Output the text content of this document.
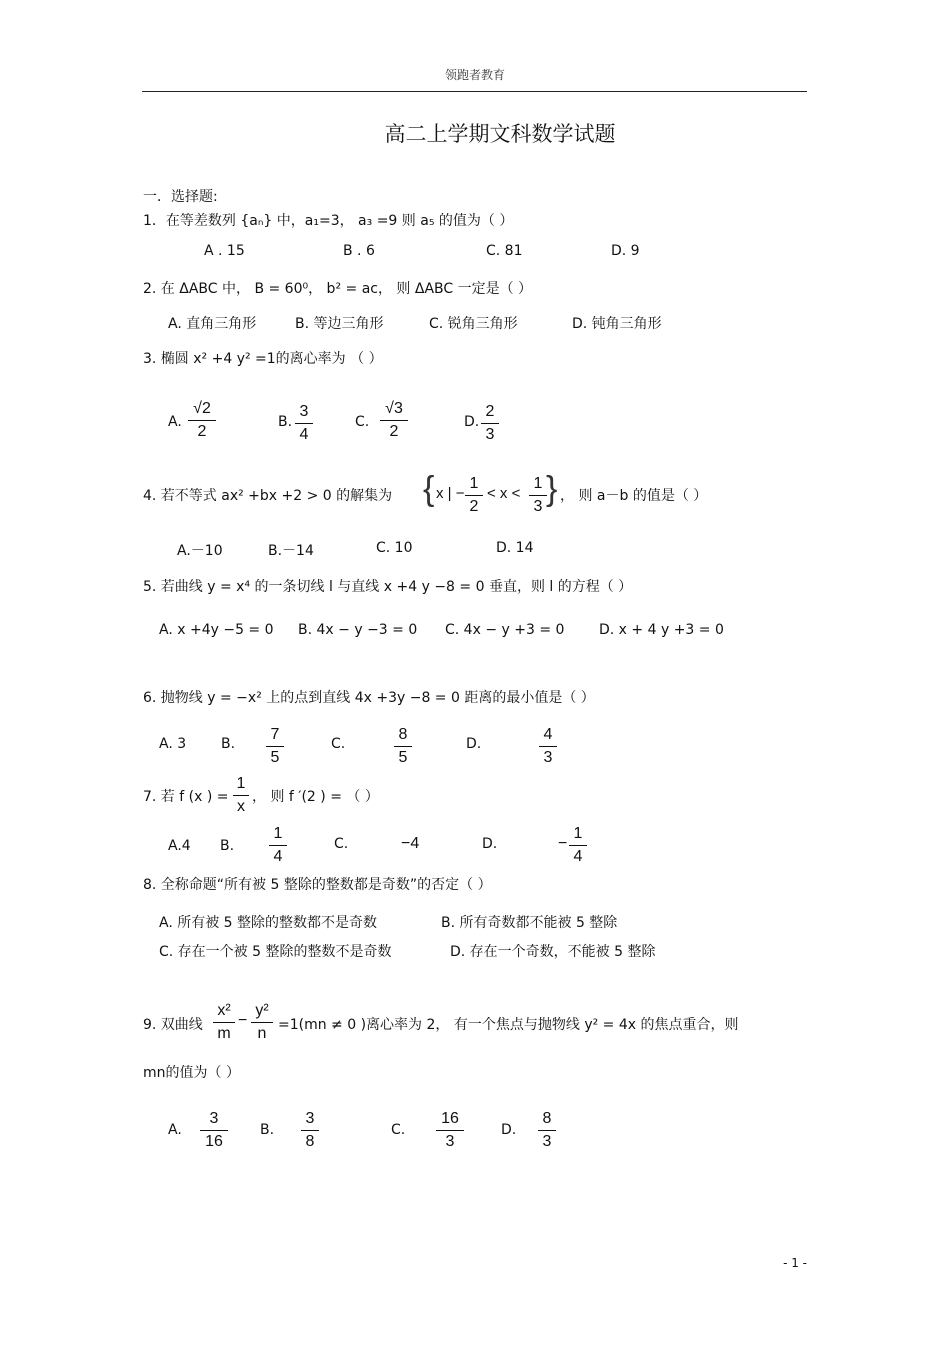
领跑者教育
高二上学期文科数学试题
一．选择题:
1．在等差数列 {aₙ} 中，a₁=3， a₃ =9 则 a₅ 的值为（ ）
A . 15	B . 6	C. 81	D. 9
2. 在 ΔABC 中， B = 60⁰， b² = ac， 则 ΔABC 一定是（ ）
A. 直角三角形	B. 等边三角形	C. 锐角三角形	D. 钝角三角形
3. 椭圆 x² +4 y² =1的离心率为 （ ）
A. $\frac{√2}{2}$	B. $\frac{3}{4}$	C. $\frac{√3}{2}$	D. $\frac{2}{3}$
4. 若不等式 ax² +bx +2 > 0 的解集为 { x | − $\frac{1}{2} < x < \frac{1}{3}$ } ， 则 a－b 的值是（ ）
A.－10	B.－14	C. 10	D. 14
5. 若曲线 y = x⁴ 的一条切线 l 与直线 x +4 y −8 = 0 垂直，则 l 的方程（ ）
A. x +4y −5 = 0 B. 4x − y −3 = 0 C. 4x − y +3 = 0 D. x + 4 y +3 = 0
6. 抛物线 y = −x² 上的点到直线 4x +3y −8 = 0 距离的最小值是（ ）
A. 3 B. $\frac{7}{5}$	C.	$\frac{8}{5}$	D.	$\frac{4}{3}$
7. 若 f (x ) = $\frac{1}{x}$ ， 则 f ′(2 ) = （ ）
A.4 B. $\frac{1}{4}$	C.	−4	D.	− $\frac{1}{4}$
8. 全称命题“所有被 5 整除的整数都是奇数”的否定（ ）
A. 所有被 5 整除的整数都不是奇数	B. 所有奇数都不能被 5 整除
C. 存在一个被 5 整除的整数不是奇数	D. 存在一个奇数，不能被 5 整除
9. 双曲线 $\frac{\text{x²}}{m} - \frac{\text{y²}}{n} =1(mn \ne 0$ )离心率为 2， 有一个焦点与抛物线 y² = 4x 的焦点重合，则
mn的值为（ ）
A. $\frac{3}{16} B$. $\frac{3}{8}$	C. $\frac{16}{3}$	D. $\frac{8}{3}$
- 1 -
